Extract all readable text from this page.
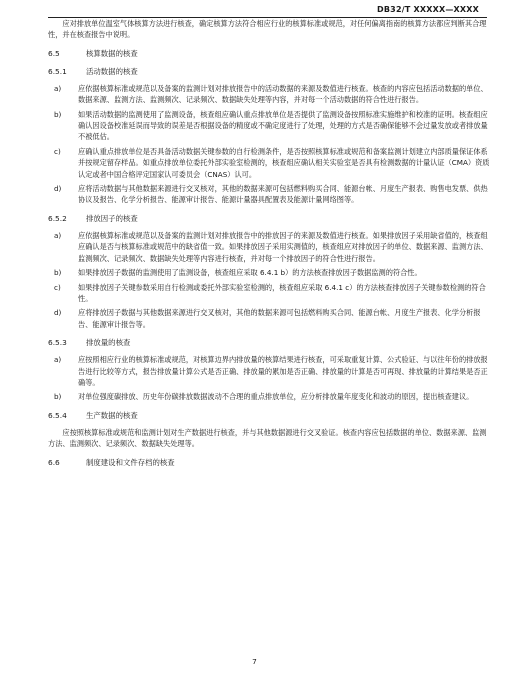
DB32/T XXXXX—XXXX

应对排放单位温室气体核算方法进行核查，确定核算方法符合相应行业的核算标准或规范，对任何偏离指南的核算方法都应判断其合理性，并在核查报告中说明。

6.5	核算数据的核查
6.5.1	活动数据的核查
a)	应依据核算标准或规范以及备案的监测计划对排放报告中的活动数据的来源及数值进行核查。核查的内容应包括活动数据的单位、数据来源、监测方法、监测频次、记录频次、数据缺失处理等内容，并对每一个活动数据的符合性进行报告。
b)	如果活动数据的监测使用了监测设备，核查组应确认重点排放单位是否提供了监测设备按照标准实施维护和校准的证明。核查组应确认因设备校准延误而导致的误差是否根据设备的精度或不确定度进行了处理，处理的方式是否确保能够不会过量发放或者排放量不被低估。
c)	应确认重点排放单位是否具备活动数据关键参数的自行检测条件，是否按照核算标准或规范和备案监测计划建立内部质量保证体系并按规定留存样品。如重点排放单位委托外部实验室检测的，核查组应确认相关实验室是否具有检测数据的计量认证（CMA）资质认定或者中国合格评定国家认可委员会（CNAS）认可。
d)	应将活动数据与其他数据来源进行交叉核对，其他的数据来源可包括燃料购买合同、能源台帐、月度生产报表、购售电发票、供热协议及报告、化学分析报告、能源审计报告、能源计量器具配置表及能源计量网络图等。
6.5.2	排放因子的核查
a)	应依据核算标准或规范以及备案的监测计划对排放报告中的排放因子的来源及数值进行核查。如果排放因子采用缺省值的，核查组应确认是否与核算标准或规范中的缺省值一致。如果排放因子采用实测值的，核查组应对排放因子的单位、数据来源、监测方法、监测频次、记录频次、数据缺失处理等内容进行核查，并对每一个排放因子的符合性进行报告。
b)	如果排放因子数据的监测使用了监测设备，核查组应采取 6.4.1 b）的方法核查排放因子数据监测的符合性。
c)	如果排放因子关键参数采用自行检测或委托外部实验室检测的，核查组应采取 6.4.1 c）的方法核查排放因子关键参数检测的符合性。
d)	应将排放因子数据与其他数据来源进行交叉核对，其他的数据来源可包括燃料购买合同、能源台帐、月度生产报表、化学分析报告、能源审计报告等。
6.5.3	排放量的核查
a)	应按照相应行业的核算标准或规范，对核算边界内排放量的核算结果进行核查，可采取重复计算、公式验证、与以往年份的排放报告进行比较等方式，报告排放量计算公式是否正确、排放量的累加是否正确、排放量的计算是否可再现、排放量的计算结果是否正确等。
b)	对单位强度碳排放、历史年份碳排放数据波动不合理的重点排放单位，应分析排放量年度变化和波动的原因，提出核查建议。
6.5.4	生产数据的核查

应按照核算标准或规范和监测计划对生产数据进行核查，并与其他数据源进行交叉验证。核查内容应包括数据的单位、数据来源、监测方法、监测频次、记录频次、数据缺失处理等。

6.6	制度建设和文件存档的核查
7
